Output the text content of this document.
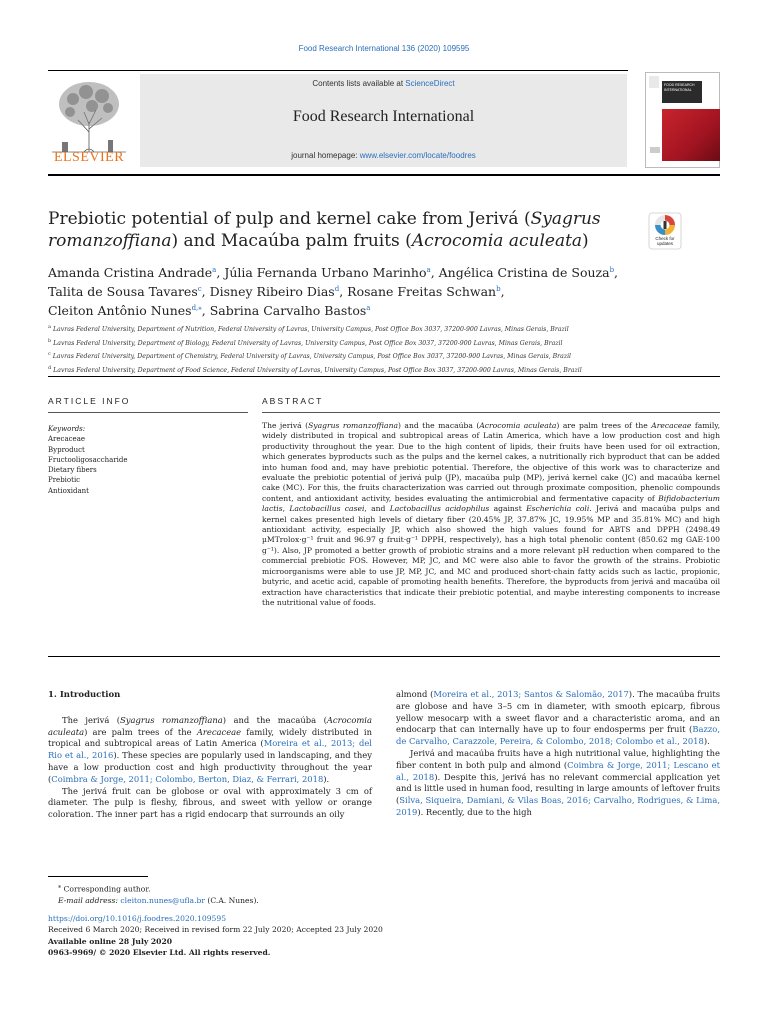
Food Research International 136 (2020) 109595
ELSEVIER
Contents lists available at ScienceDirect
Food Research International
journal homepage: www.elsevier.com/locate/foodres
FOOD RESEARCH INTERNATIONAL
Prebiotic potential of pulp and kernel cake from Jerivá (Syagrus romanzoffiana) and Macaúba palm fruits (Acrocomia aculeata)	Check for updates
Amanda Cristina Andrade$^a$, Júlia Fernanda Urbano Marinho$^a$, Angélica Cristina de Souza$^b$,
Talita de Sousa Tavares$^c$, Disney Ribeiro Dias$^d$, Rosane Freitas Schwan$^b$,
Cleiton Antônio Nunes$^{d,⁎}$, Sabrina Carvalho Bastos$^a$
$^a$ Lavras Federal University, Department of Nutrition, Federal University of Lavras, University Campus, Post Office Box 3037, 37200-900 Lavras, Minas Gerais, Brazil
$^b$ Lavras Federal University, Department of Biology, Federal University of Lavras, University Campus, Post Office Box 3037, 37200-900 Lavras, Minas Gerais, Brazil
$^c$ Lavras Federal University, Department of Chemistry, Federal University of Lavras, University Campus, Post Office Box 3037, 37200-900 Lavras, Minas Gerais, Brazil
$^d$ Lavras Federal University, Department of Food Science, Federal University of Lavras, University Campus, Post Office Box 3037, 37200-900 Lavras, Minas Gerais, Brazil
ARTICLE INFO	ABSTRACT
Keywords:
Arecaceae
Byproduct
Fructooligosaccharide
Dietary fibers
Prebiotic
Antioxidant
The jerivá (Syagrus romanzoffiana) and the macaúba (Acrocomia aculeata) are palm trees of the Arecaceae family, widely distributed in tropical and subtropical areas of Latin America, which have a low production cost and high productivity throughout the year. Due to the high content of lipids, their fruits have been used for oil extraction, which generates byproducts such as the pulps and the kernel cakes, a nutritionally rich byproduct that can be added into human food and, may have prebiotic potential. Therefore, the objective of this work was to characterize and evaluate the prebiotic potential of jerivá pulp (JP), macaúba pulp (MP), jerivá kernel cake (JC) and macaúba kernel cake (MC). For this, the fruits characterization was carried out through proximate composition, phenolic compounds content, and antioxidant activity, besides evaluating the antimicrobial and fermentative capacity of Bifidobacterium lactis, Lactobacillus casei, and Lactobacillus acidophilus against Escherichia coli. Jerivá and macaúba pulps and kernel cakes presented high levels of dietary fiber (20.45% JP, 37.87% JC, 19.95% MP and 35.81% MC) and high antioxidant activity, especially JP, which also showed the high values found for ABTS and DPPH (2498.49 µMTrolox·g⁻¹ fruit and 96.97 g fruit·g⁻¹ DPPH, respectively), has a high total phenolic content (850.62 mg GAE·100 g⁻¹). Also, JP promoted a better growth of probiotic strains and a more relevant pH reduction when compared to the commercial prebiotic FOS. However, MP, JC, and MC were also able to favor the growth of the strains. Probiotic microorganisms were able to use JP, MP, JC, and MC and produced short-chain fatty acids such as lactic, propionic, butyric, and acetic acid, capable of promoting health benefits. Therefore, the byproducts from jerivá and macaúba oil extraction have characteristics that indicate their prebiotic potential, and maybe interesting components to increase the nutritional value of foods.
1. Introduction

The jerivá (Syagrus romanzoffiana) and the macaúba (Acrocomia aculeata) are palm trees of the Arecaceae family, widely distributed in tropical and subtropical areas of Latin America (Moreira et al., 2013; del Rio et al., 2016). These species are popularly used in landscaping, and they have a low production cost and high productivity throughout the year (Coimbra & Jorge, 2011; Colombo, Berton, Diaz, & Ferrari, 2018).

The jerivá fruit can be globose or oval with approximately 3 cm of diameter. The pulp is fleshy, fibrous, and sweet with yellow or orange coloration. The inner part has a rigid endocarp that surrounds an oily

almond (Moreira et al., 2013; Santos & Salomão, 2017). The macaúba fruits are globose and have 3–5 cm in diameter, with smooth epicarp, fibrous yellow mesocarp with a sweet flavor and a characteristic aroma, and an endocarp that can internally have up to four endosperms per fruit (Bazzo, de Carvalho, Carazzole, Pereira, & Colombo, 2018; Colombo et al., 2018).

Jerivá and macaúba fruits have a high nutritional value, highlighting the fiber content in both pulp and almond (Coimbra & Jorge, 2011; Lescano et al., 2018). Despite this, jerivá has no relevant commercial application yet and is little used in human food, resulting in large amounts of leftover fruits (Silva, Siqueira, Damiani, & Vilas Boas, 2016; Carvalho, Rodrigues, & Lima, 2019). Recently, due to the high

⁎ Corresponding author.
E-mail address: cleiton.nunes@ufla.br (C.A. Nunes).
https://doi.org/10.1016/j.foodres.2020.109595
Received 6 March 2020; Received in revised form 22 July 2020; Accepted 23 July 2020
Available online 28 July 2020
0963-9969/ © 2020 Elsevier Ltd. All rights reserved.
